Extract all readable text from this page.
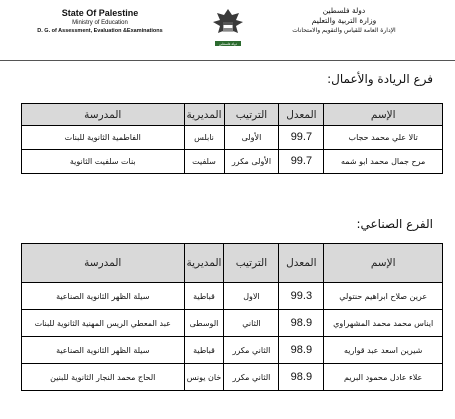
State Of Palestine
Ministry of Education
D. G. of Assessment, Evaluation &Examinations
دولة فلسطين
دولة فلسطين
وزارة التربية والتعليم
الإدارة العامة للقياس والتقويم والامتحانات
فرع الريادة والأعمال:
الإسم	المعدل	الترتيب	المديرية	المدرسة
تالا علي محمد حجاب	99.7	الأولى	نابلس	الفاطمية الثانوية للبنات
مرح جمال محمد ابو شمه	99.7	الأولى مكرر	سلفيت	بنات سلفيت الثانوية
الفرع الصناعي:
الإسم	المعدل	الترتيب	المديرية	المدرسة
عرين صلاح ابراهيم حنتولي	99.3	الاول	قباطية	سيلة الظهر الثانوية الصناعية
ايناس محمد محمد المشهراوي	98.9	الثاني	الوسطى	عبد المعطي الريس المهنية الثانوية للبنات
شيرين اسعد عبد قواريه	98.9	الثاني مكرر	قباطية	سيلة الظهر الثانوية الصناعية
علاء عادل محمود البريم	98.9	الثاني مكرر	خان يونس	الحاج محمد النجار الثانوية للبنين
